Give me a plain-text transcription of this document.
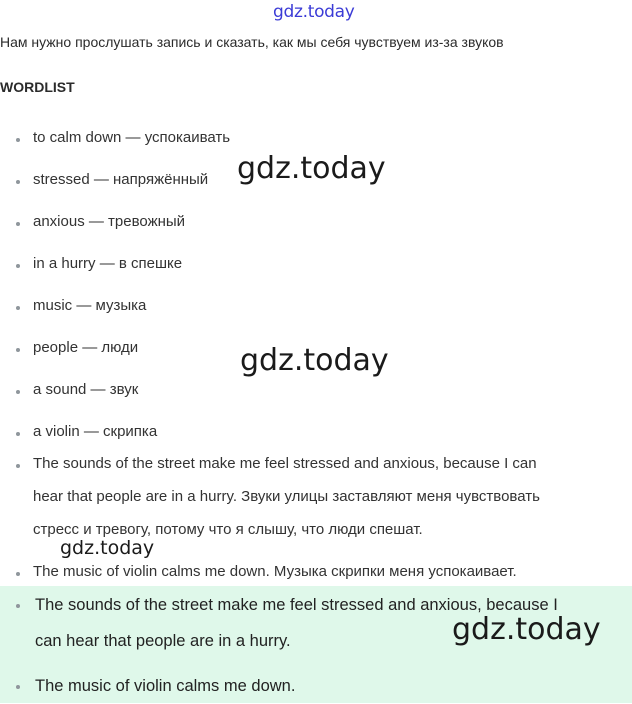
gdz.today
Нам нужно прослушать запись и сказать, как мы себя чувствуем из-за звуков
WORDLIST
to calm down — успокаивать
stressed — напряжённый
anxious — тревожный
in a hurry — в спешке
music — музыка
people — люди
a sound — звук
a violin — скрипка
The sounds of the street make me feel stressed and anxious, because I can
hear that people are in a hurry. Звуки улицы заставляют меня чувствовать
стресс и тревогу, потому что я слышу, что люди спешат.
The music of violin calms me down. Музыка скрипки меня успокаивает.
The sounds of the street make me feel stressed and anxious, because I
can hear that people are in a hurry.
The music of violin calms me down.
gdz.today
gdz.today
gdz.today
gdz.today
